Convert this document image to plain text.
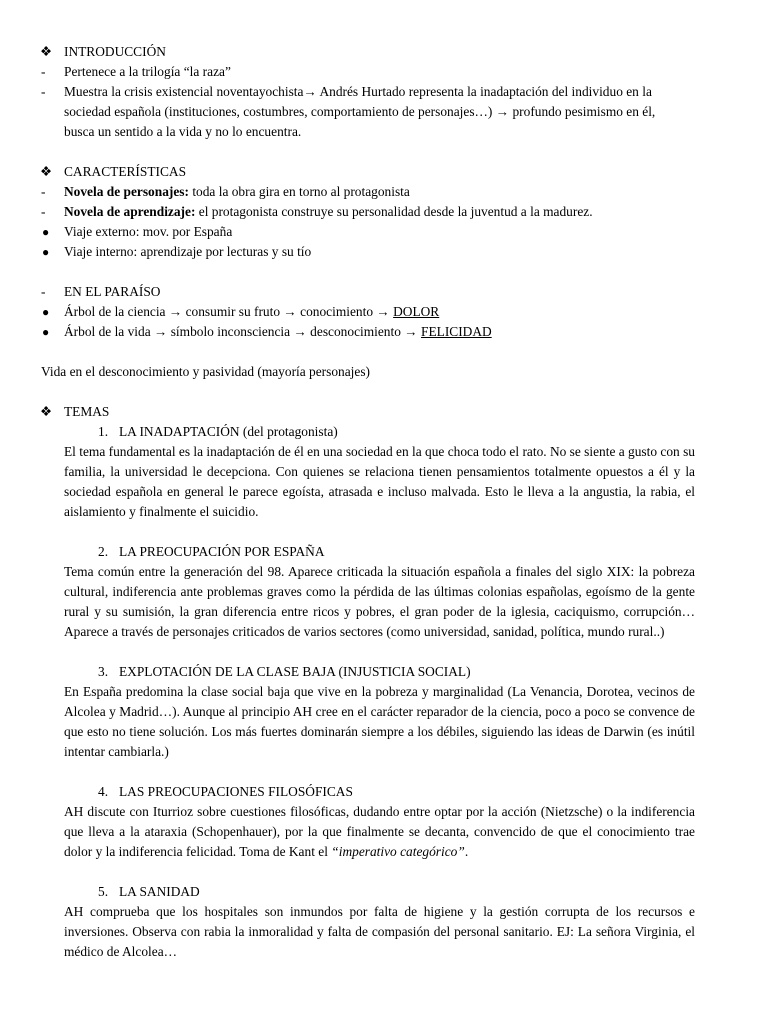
❖ INTRODUCCIÓN
-	Pertenece a la trilogía “la raza”
-	Muestra la crisis existencial noventayochista→ Andrés Hurtado representa la inadaptación del individuo en la
sociedad española (instituciones, costumbres, comportamiento de personajes…) → profundo pesimismo en él,
busca un sentido a la vida y no lo encuentra.
❖ CARACTERÍSTICAS
-	Novela de personajes: toda la obra gira en torno al protagonista
-	Novela de aprendizaje: el protagonista construye su personalidad desde la juventud a la madurez.
●	Viaje externo: mov. por España
●	Viaje interno: aprendizaje por lecturas y su tío
-	EN EL PARAÍSO
●	Árbol de la ciencia → consumir su fruto → conocimiento → DOLOR
●	Árbol de la vida → símbolo inconsciencia → desconocimiento → FELICIDAD
Vida en el desconocimiento y pasividad (mayoría personajes)
❖ TEMAS
1. LA INADAPTACIÓN (del protagonista)
El tema fundamental es la inadaptación de él en una sociedad en la que choca todo el rato. No se siente a gusto con su familia, la universidad le decepciona. Con quienes se relaciona tienen pensamientos totalmente opuestos a él y la sociedad española en general le parece egoísta, atrasada e incluso malvada. Esto le lleva a la angustia, la rabia, el aislamiento y finalmente el suicidio.
2. LA PREOCUPACIÓN POR ESPAÑA
Tema común entre la generación del 98. Aparece criticada la situación española a finales del siglo XIX: la pobreza cultural, indiferencia ante problemas graves como la pérdida de las últimas colonias españolas, egoísmo de la gente rural y su sumisión, la gran diferencia entre ricos y pobres, el gran poder de la iglesia, caciquismo, corrupción… Aparece a través de personajes criticados de varios sectores (como universidad, sanidad, política, mundo rural..)
3. EXPLOTACIÓN DE LA CLASE BAJA (INJUSTICIA SOCIAL)
En España predomina la clase social baja que vive en la pobreza y marginalidad (La Venancia, Dorotea, vecinos de Alcolea y Madrid…). Aunque al principio AH cree en el carácter reparador de la ciencia, poco a poco se convence de que esto no tiene solución. Los más fuertes dominarán siempre a los débiles, siguiendo las ideas de Darwin (es inútil intentar cambiarla.)
4. LAS PREOCUPACIONES FILOSÓFICAS
AH discute con Iturrioz sobre cuestiones filosóficas, dudando entre optar por la acción (Nietzsche) o la indiferencia que lleva a la ataraxia (Schopenhauer), por la que finalmente se decanta, convencido de que el conocimiento trae dolor y la indiferencia felicidad. Toma de Kant el “imperativo categórico”.
5. LA SANIDAD
AH comprueba que los hospitales son inmundos por falta de higiene y la gestión corrupta de los recursos e inversiones. Observa con rabia la inmoralidad y falta de compasión del personal sanitario. EJ: La señora Virginia, el médico de Alcolea…
